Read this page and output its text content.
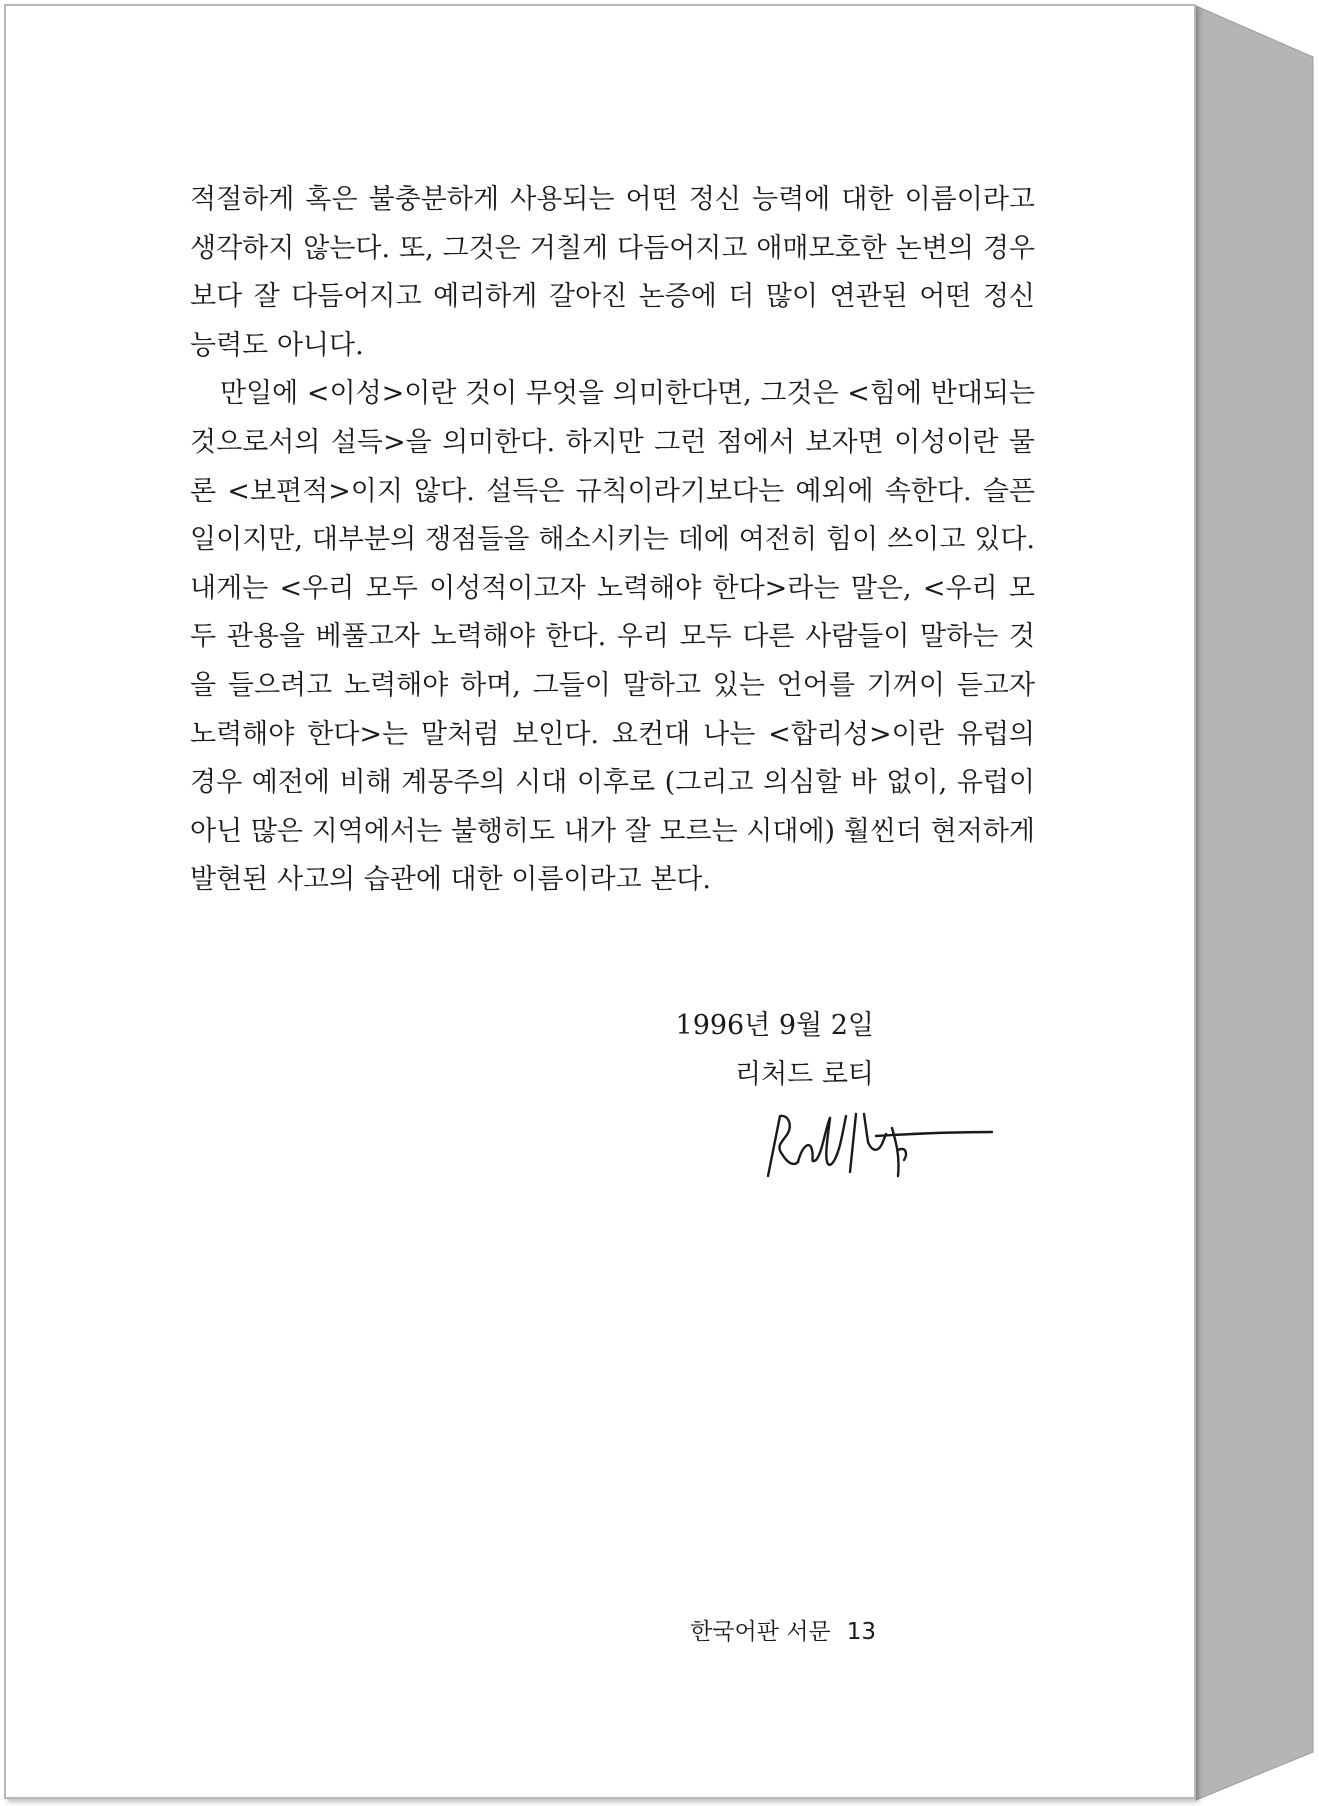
적절하게 혹은 불충분하게 사용되는 어떤 정신 능력에 대한 이름이라고 생각하지 않는다. 또, 그것은 거칠게 다듬어지고 애매모호한 논변의 경우보다 잘 다듬어지고 예리하게 갈아진 논증에 더 많이 연관된 어떤 정신 능력도 아니다.

만일에 <이성>이란 것이 무엇을 의미한다면, 그것은 <힘에 반대되는 것으로서의 설득>을 의미한다. 하지만 그런 점에서 보자면 이성이란 물론 <보편적>이지 않다. 설득은 규칙이라기보다는 예외에 속한다. 슬픈 일이지만, 대부분의 쟁점들을 해소시키는 데에 여전히 힘이 쓰이고 있다. 내게는 <우리 모두 이성적이고자 노력해야 한다>라는 말은, <우리 모두 관용을 베풀고자 노력해야 한다. 우리 모두 다른 사람들이 말하는 것을 들으려고 노력해야 하며, 그들이 말하고 있는 언어를 기꺼이 듣고자 노력해야 한다>는 말처럼 보인다. 요컨대 나는 <합리성>이란 유럽의 경우 예전에 비해 계몽주의 시대 이후로 (그리고 의심할 바 없이, 유럽이 아닌 많은 지역에서는 불행히도 내가 잘 모르는 시대에) 훨씬더 현저하게 발현된 사고의 습관에 대한 이름이라고 본다.

1996년 9월 2일
리처드 로티
한국어판 서문 13
